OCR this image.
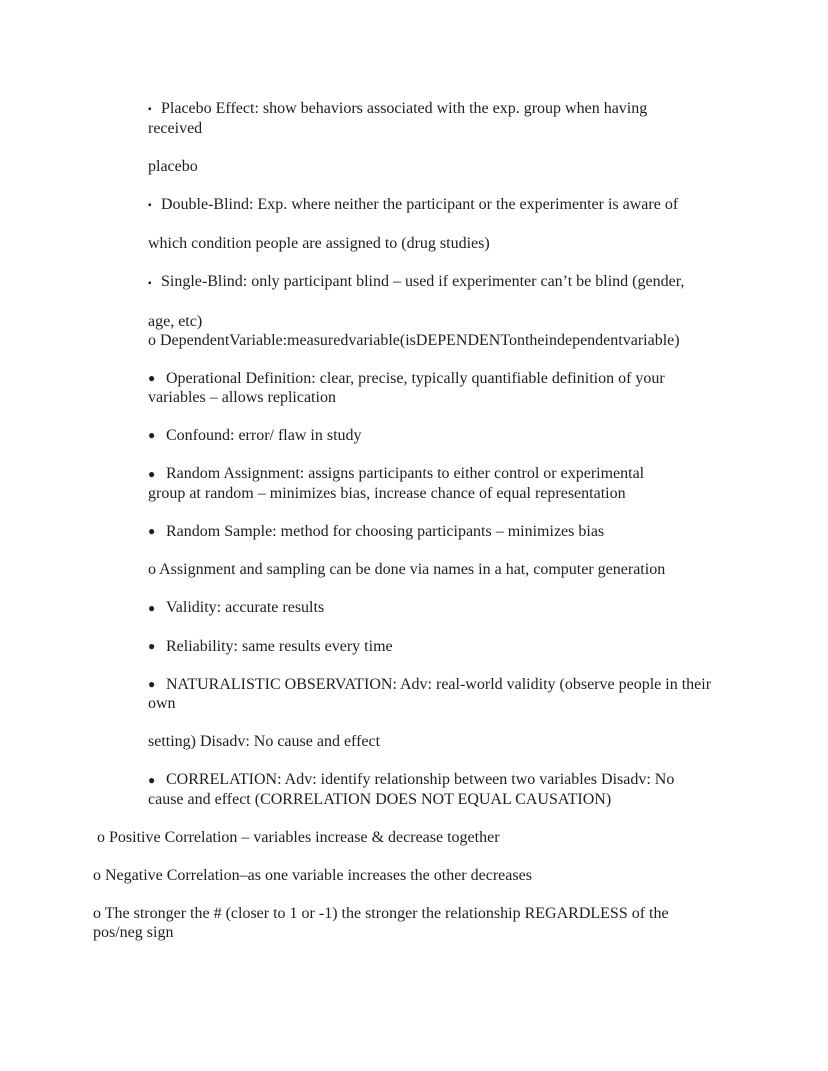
▪ Placebo Effect: show behaviors associated with the exp. group when having
received
placebo
▪ Double-Blind: Exp. where neither the participant or the experimenter is aware of
which condition people are assigned to (drug studies)
▪ Single-Blind: only participant blind – used if experimenter can’t be blind (gender,
age, etc)
o DependentVariable:measuredvariable(isDEPENDENTontheindependentvariable)
● Operational Definition: clear, precise, typically quantifiable definition of your
variables – allows replication
● Confound: error/ flaw in study
● Random Assignment: assigns participants to either control or experimental
group at random – minimizes bias, increase chance of equal representation
● Random Sample: method for choosing participants – minimizes bias
o Assignment and sampling can be done via names in a hat, computer generation
● Validity: accurate results
● Reliability: same results every time
● NATURALISTIC OBSERVATION: Adv: real-world validity (observe people in their
own
setting) Disadv: No cause and effect
● CORRELATION: Adv: identify relationship between two variables Disadv: No
cause and effect (CORRELATION DOES NOT EQUAL CAUSATION)
o Positive Correlation – variables increase & decrease together
o Negative Correlation–as one variable increases the other decreases
o The stronger the # (closer to 1 or -1) the stronger the relationship REGARDLESS of the
pos/neg sign
